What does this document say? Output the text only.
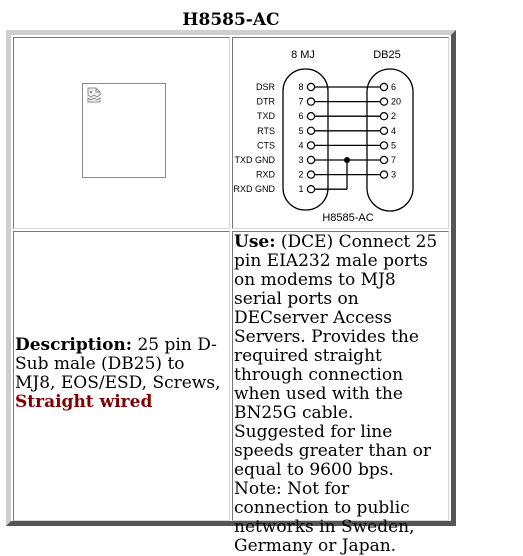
H8585-AC
8 MJ	DB25
DSR	8	6
DTR	7	20
TXD	6	2
RTS	5	4
CTS	4	5
TXD GND	3	7
RXD	2	3
RXD GND	1
H8585-AC
Description: 25 pin D-Sub male (DB25) to MJ8, EOS/ESD, Screws, Straight wired
Use: (DCE) Connect 25 pin EIA232 male ports on modems to MJ8 serial ports on DECserver Access Servers. Provides the required straight through connection when used with the BN25G cable. Suggested for line speeds greater than or equal to 9600 bps. Note: Not for connection to public networks in Sweden, Germany or Japan.
